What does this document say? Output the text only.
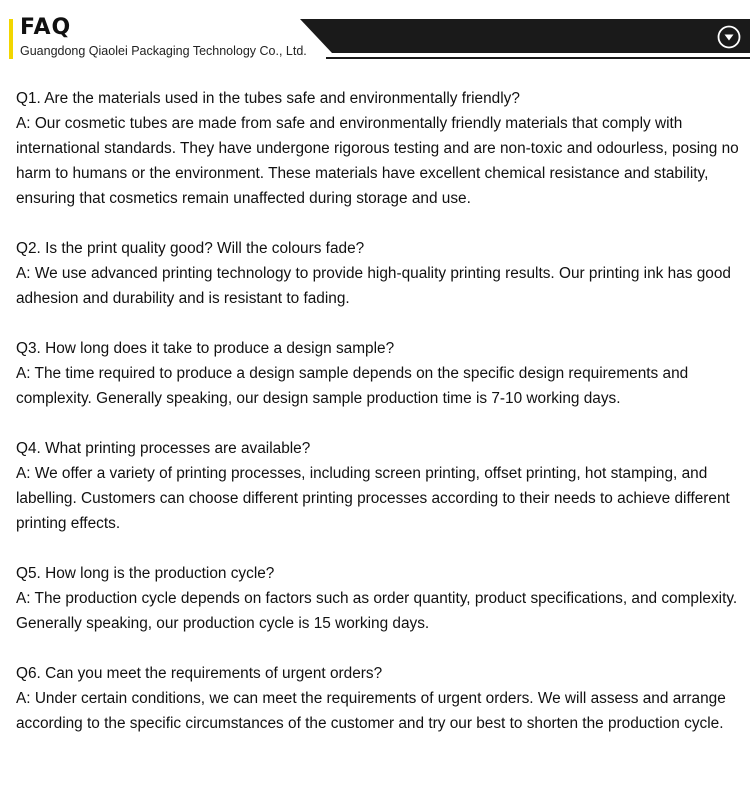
FAQ
Guangdong Qiaolei Packaging Technology Co., Ltd.

Q1. Are the materials used in the tubes safe and environmentally friendly?

A: Our cosmetic tubes are made from safe and environmentally friendly materials that comply with international standards. They have undergone rigorous testing and are non-toxic and odourless, posing no harm to humans or the environment. These materials have excellent chemical resistance and stability, ensuring that cosmetics remain unaffected during storage and use.

Q2. Is the print quality good? Will the colours fade?

A: We use advanced printing technology to provide high-quality printing results. Our printing ink has good adhesion and durability and is resistant to fading.

Q3. How long does it take to produce a design sample?

A: The time required to produce a design sample depends on the specific design requirements and complexity. Generally speaking, our design sample production time is 7-10 working days.

Q4. What printing processes are available?

A: We offer a variety of printing processes, including screen printing, offset printing, hot stamping, and labelling. Customers can choose different printing processes according to their needs to achieve different printing effects.

Q5. How long is the production cycle?

A: The production cycle depends on factors such as order quantity, product specifications, and complexity. Generally speaking, our production cycle is 15 working days.

Q6. Can you meet the requirements of urgent orders?

A: Under certain conditions, we can meet the requirements of urgent orders. We will assess and arrange according to the specific circumstances of the customer and try our best to shorten the production cycle.
